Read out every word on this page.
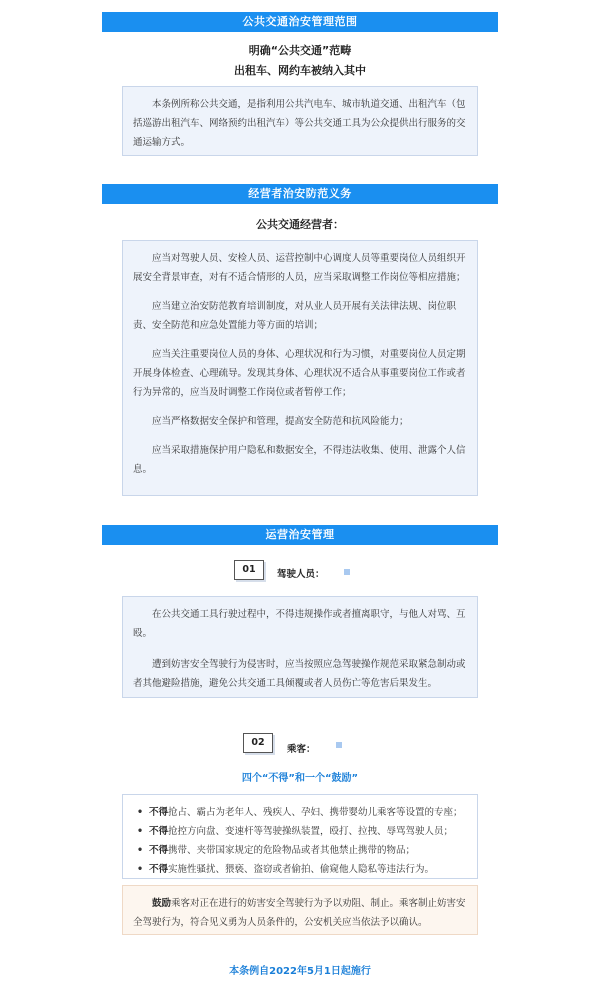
公共交通治安管理范围
明确“公共交通”范畴
出租车、网约车被纳入其中

本条例所称公共交通，是指利用公共汽电车、城市轨道交通、出租汽车（包括巡游出租汽车、网络预约出租汽车）等公共交通工具为公众提供出行服务的交通运输方式。

经营者治安防范义务
公共交通经营者：

应当对驾驶人员、安检人员、运营控制中心调度人员等重要岗位人员组织开展安全背景审查，对有不适合情形的人员，应当采取调整工作岗位等相应措施；

应当建立治安防范教育培训制度，对从业人员开展有关法律法规、岗位职责、安全防范和应急处置能力等方面的培训；

应当关注重要岗位人员的身体、心理状况和行为习惯，对重要岗位人员定期开展身体检查、心理疏导。发现其身体、心理状况不适合从事重要岗位工作或者行为异常的，应当及时调整工作岗位或者暂停工作；

应当严格数据安全保护和管理，提高安全防范和抗风险能力；

应当采取措施保护用户隐私和数据安全，不得违法收集、使用、泄露个人信息。

运营治安管理
01	驾驶人员：

在公共交通工具行驶过程中，不得违规操作或者擅离职守，与他人对骂、互殴。

遭到妨害安全驾驶行为侵害时，应当按照应急驾驶操作规范采取紧急制动或者其他避险措施，避免公共交通工具倾覆或者人员伤亡等危害后果发生。

02
乘客：
四个“不得”和一个“鼓励”
• 不得抢占、霸占为老年人、残疾人、孕妇、携带婴幼儿乘客等设置的专座；
• 不得抢控方向盘、变速杆等驾驶操纵装置，殴打、拉拽、辱骂驾驶人员；
• 不得携带、夹带国家规定的危险物品或者其他禁止携带的物品；
• 不得实施性骚扰、猥亵、盗窃或者偷拍、偷窥他人隐私等违法行为。

鼓励乘客对正在进行的妨害安全驾驶行为予以劝阻、制止。乘客制止妨害安全驾驶行为，符合见义勇为人员条件的，公安机关应当依法予以确认。

本条例自2022年5月1日起施行
